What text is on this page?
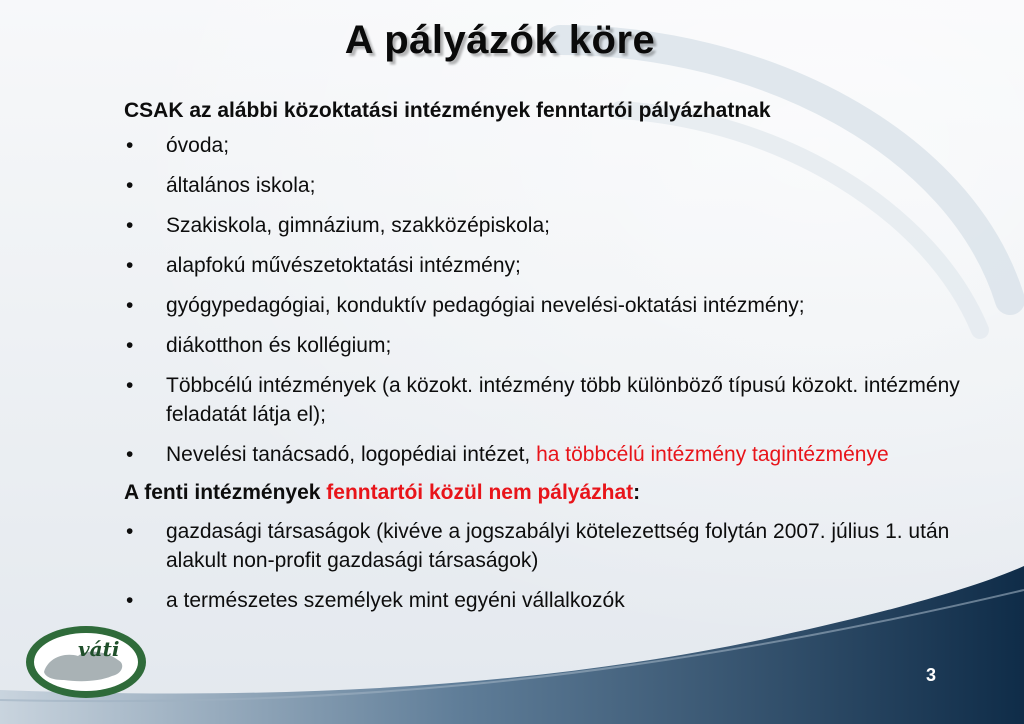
A pályázók köre
CSAK az alábbi közoktatási intézmények fenntartói pályázhatnak
• óvoda;
• általános iskola;
• Szakiskola, gimnázium, szakközépiskola;
• alapfokú művészetoktatási intézmény;
• gyógypedagógiai, konduktív pedagógiai nevelési-oktatási intézmény;
• diákotthon és kollégium;
• Többcélú intézmények (a közokt. intézmény több különböző típusú közokt. intézmény feladatát látja el);
• Nevelési tanácsadó, logopédiai intézet, ha többcélú intézmény tagintézménye
A fenti intézmények fenntartói közül nem pályázhat:
• gazdasági társaságok (kivéve a jogszabályi kötelezettség folytán 2007. július 1. után alakult non-profit gazdasági társaságok)
• a természetes személyek mint egyéni vállalkozók
váti
3
